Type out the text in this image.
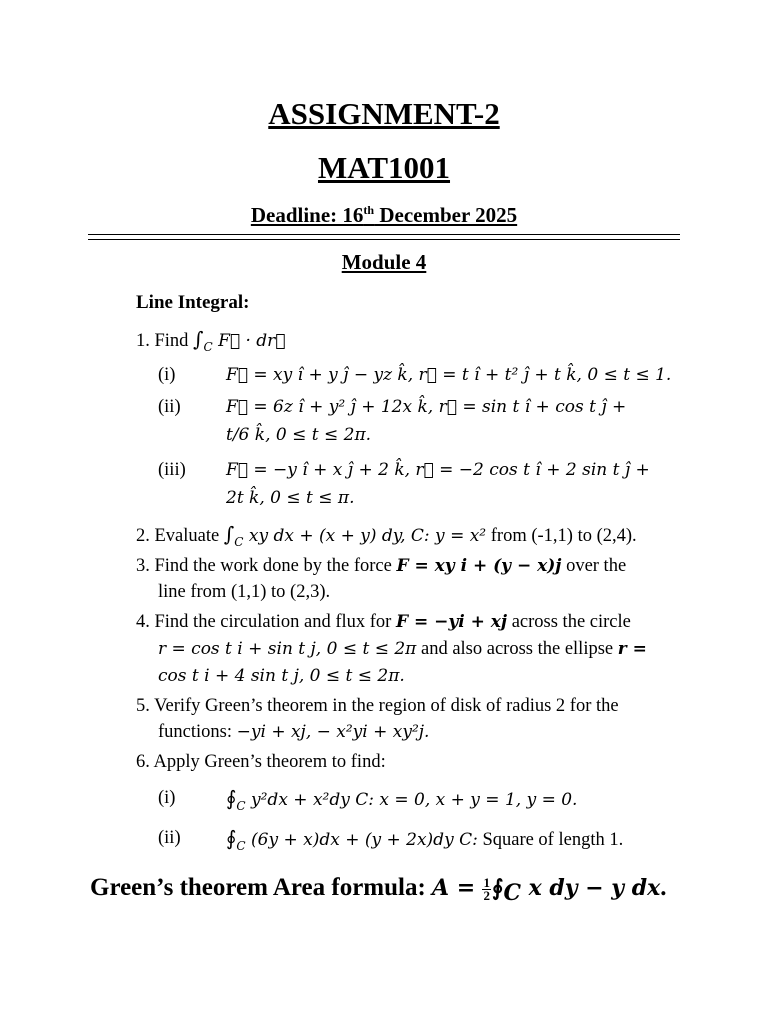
ASSIGNMENT-2
MAT1001
Deadline: 16th December 2025
Module 4
Line Integral:
1. Find $\int_C$ F⃗ · dr⃗
(i)	F⃗ = xy î + y ĵ − yz k̂, r⃗ = t î + t² ĵ + t k̂, 0 ≤ t ≤ 1.
(ii)	F⃗ = 6z î + y² ĵ + 12x k̂, r⃗ = sin t î + cos t ĵ +
t/6 k̂, 0 ≤ t ≤ 2π.
(iii) F⃗ = −y î + x ĵ + 2 k̂, r⃗ = −2 cos t î + 2 sin t ĵ +
2t k̂, 0 ≤ t ≤ π.
2. Evaluate $\int_C$ xy dx + (x + y) dy, C: y = x² from (-1,1) to (2,4).
3. Find the work done by the force F = xy i + (y − x)j over the
line from (1,1) to (2,3).
4. Find the circulation and flux for F = −yi + xj across the circle
r = cos t i + sin t j, 0 ≤ t ≤ 2π and also across the ellipse r =
cos t i + 4 sin t j, 0 ≤ t ≤ 2π.
5. Verify Green’s theorem in the region of disk of radius 2 for the
functions: −yi + xj, − x²yi + xy²j.
6. Apply Green’s theorem to find:
(i)	$∮_C$ y²dx + x²dy C: x = 0, x + y = 1, y = 0.
(ii) $∮_C$ (6y + x)dx + (y + 2x)dy C: Square of length 1.
Green’s theorem Area formula: $A = \frac{1}{2}$ ∮C x dy − y dx.
